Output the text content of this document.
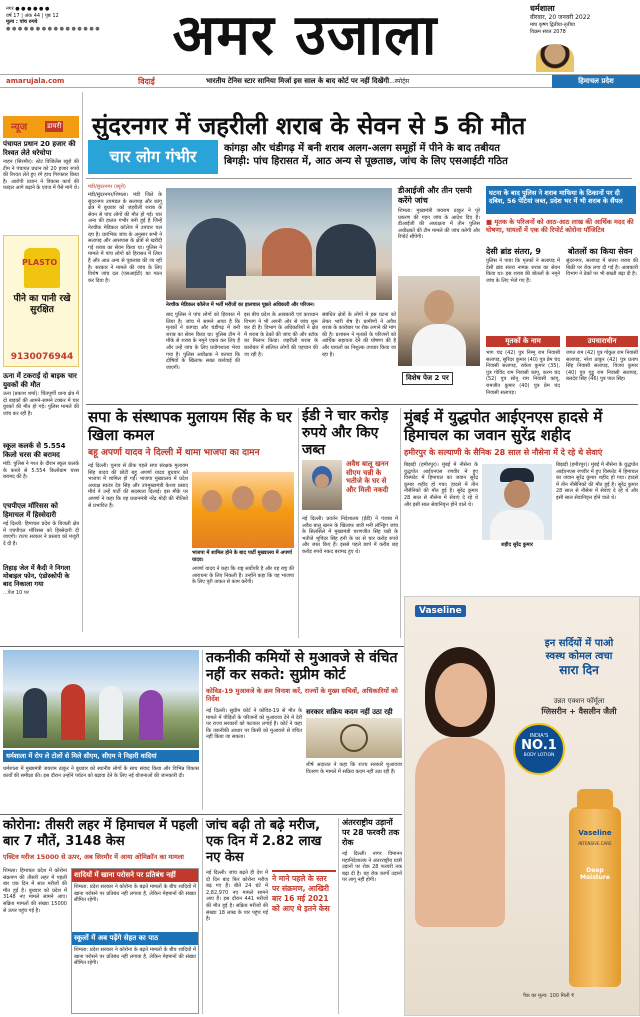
नगर ● ● ● ● ● ●
वर्ष 17 | अंक 44 | पृष्ठ 12
मूल्य : पांच रुपये
● ● ● ● ● ● ● ● ● ● ● ● ● ● ● ●	अमर उजाला	धर्मशाला
वीरवार, 20 जनवरी 2022
माघ कृष्ण द्वितीया-तृतीया
विक्रम संवत 2078
amarujala.com	विदाई	भारतीय टेनिस स्टार सानिया मिर्जा इस साल के बाद कोर्ट पर नहीं दिखेंगी...स्पोर्ट्स	हिमाचल प्रदेश
न्यूज	डायरी
पंचायत प्रधान 20 हजार की रिश्वत लेते धरेचोपा
नाहन (सिरमौर): स्टेट विजिलेंस ब्यूरो की टीम ने पंचायत प्रधान को 20 हजार रुपये की रिश्वत लेते हुए रंगे हाथ गिरफ्तार किया है। आरोपी प्रधान ने विकास कार्य की फाइल आगे बढ़ाने के एवज में पैसे मांगे थे।
PLASTO
पीने का पानी रखे सुरक्षित
9130076944
ऊना में टकराईं दो बाइक चार युवकों की मौत
ऊना (प्रकाश शर्मा): चिंतपूर्णी थाना क्षेत्र में दो बाइकों की आमने-सामने टक्कर में चार युवकों की मौत हो गई। पुलिस मामले की जांच कर रही है।
स्कूल कलर्क से 5.554 किलो चरस की बरामद
मंडी: पुलिस ने गश्त के दौरान स्कूल कलर्क के कब्जे से 5.554 किलोग्राम चरस बरामद की है।
एचपीएल मॉरिसस को हिमाचल में हिस्सेदारी
नई दिल्ली: हिमाचल प्रदेश के बिजली क्षेत्र में एचपीएल मॉरिसस को हिस्सेदारी दी जाएगी। राज्य सरकार ने प्रस्ताव को मंजूरी दे दी है।
तिहाड़ जेल में कैदी ने निगला मोबाइल फोन, एंडोस्कोपी के बाद निकाला गया
...पेज 10 पर
सुंदरनगर में जहरीली शराब के सेवन से 5 की मौत
चार लोग गंभीर	कांगड़ा और चंडीगढ़ में बनी शराब अलग-अलग समूहों में पीने के बाद तबीयत
बिगड़ी: पांच हिरासत में, आठ अन्य से पूछताछ, जांच के लिए एसआईटी गठित
मंडी/सुंदरनगर (ब्यूरो)
मंडी/सुंदरनगर/शिमला। मंडी जिले के सुंदरनगर उपमंडल के सलापड़ और कांगू क्षेत्र में बुधवार को जहरीली शराब के सेवन से पांच लोगों की मौत हो गई। चार अन्य की हालत गंभीर बनी हुई है जिन्हें नेरचौक मेडिकल कॉलेज में उपचार चल रहा है। प्रारंभिक जांच के अनुसार सभी ने सलापड़ और आसपास के क्षेत्रों से खरीदी गई शराब का सेवन किया था। पुलिस ने मामले में पांच लोगों को हिरासत में लिया है और आठ अन्य से पूछताछ की जा रही है। सरकार ने मामले की जांच के लिए विशेष जांच दल (एसआईटी) का गठन कर दिया है।
नेरचौक मेडिकल कॉलेज में भर्ती मरीजों का हालचाल पूछते अधिकारी और परिजन।
बाद पुलिस ने पांच लोगों को हिरासत में लिया है। जांच में सामने आया है कि मृतकों ने कांगड़ा और चंडीगढ़ में बनी शराब का सेवन किया था। पुलिस टीम ने मौके से शराब के नमूने एकत्र कर लिए हैं और उन्हें जांच के लिए प्रयोगशाला भेजा गया है। पुलिस अधीक्षक ने बताया कि दोषियों के खिलाफ सख्त कार्रवाई की जाएगी।
इस बीच प्रदेश के आबकारी एवं कराधान विभाग ने भी अपनी ओर से जांच शुरू कर दी है। विभाग के अधिकारियों ने क्षेत्र में शराब के ठेकों की जांच की और स्टॉक का मिलान किया। जहरीली शराब के कारोबार में संलिप्त लोगों की पहचान की जा रही है।
संबंधित क्षेत्रों के लोगों में इस घटना को लेकर भारी रोष है। ग्रामीणों ने अवैध शराब के कारोबार पर रोक लगाने की मांग की है। प्रशासन ने मृतकों के परिजनों को आर्थिक सहायता देने की घोषणा की है और घायलों का निशुल्क उपचार किया जा रहा है।
डीआईजी और तीन एसपी करेंगे जांच
शिमला: मुख्यमंत्री जयराम ठाकुर ने पूरे प्रकरण की गहन जांच के आदेश दिए हैं। डीआईजी की अध्यक्षता में तीन पुलिस अधीक्षकों की टीम मामले की जांच करेगी और रिपोर्ट सौंपेगी।
विशेष पेज 2 पर
घटना के बाद पुलिस ने शराब माफिया के ठिकानों पर दी दबिश, 56 पेटियां जब्त, प्रदेश भर में भी शराब के सैंपल
■ मृतक के परिजनों को आठ-आठ लाख की आर्थिक मदद की घोषणा, घायलों में एक की रिपोर्ट कोरोना पॉजिटिव
देसी ब्रांड संतरा, 9	बोतलों का किया सेवन
पुलिस ने पाया कि मृतकों ने सलापड़ में देसी ब्रांड संतरा नामक शराब का सेवन किया था। इस शराब की बोतलों के नमूने जांच के लिए भेजे गए हैं।
सुंदरनगर, सलापड़ में संतरा शराब की बिक्री पर रोक लगा दी गई है। आबकारी विभाग ने ठेकों पर भी सख्ती बढ़ा दी है।
मृतकों के नाम	उपचाराधीन
भाग चंद (42) पुत्र निम्मू राम निवासी सलापड़, सुरिंदर कुमार (40) पुत्र प्रेम चंद निवासी सलापड़, राकेश कुमार (35), पुत्र गोविंद राम निवासी कांगू, करम चंद (52) पुत्र सोनू राम निवासी कांगू, रामजीत कुमार (40) पुत्र प्रेम चंद निवासी सलापड़।
जगत राम (42) पुत्र गोकुल राम निवासी सलापड़, नरेश ठाकुर (42) पुत्र प्रताप सिंह निवासी सलापड़, विजय कुमार (40) पुत्र गुड्डू राम निवासी सलापड़, बलदेव सिंह (46) पुत्र पाल सिंह।
सपा के संस्थापक मुलायम सिंह के घर खिला कमल
बहू अपर्णा यादव ने दिल्ली में थामा भाजपा का दामन
नई दिल्ली। चुनाव से ठीक पहले सपा संरक्षक मुलायम सिंह यादव की छोटी बहू अपर्णा यादव बुधवार को भाजपा में शामिल हो गईं। भाजपा मुख्यालय में प्रदेश अध्यक्ष स्वतंत्र देव सिंह और उपमुख्यमंत्री केशव प्रसाद मौर्य ने उन्हें पार्टी की सदस्यता दिलाई। इस मौके पर अपर्णा ने कहा कि वह प्रधानमंत्री नरेंद्र मोदी की नीतियों से प्रभावित हैं।
भाजपा में शामिल होने के बाद पार्टी मुख्यालय में अपर्णा यादव।
अपर्णा यादव ने कहा कि राष्ट्र सर्वोपरि है और वह राष्ट्र की आराधना के लिए निकली हैं। उन्होंने कहा कि वह भाजपा के लिए पूरी ताकत से काम करेंगी।
ईडी ने चार करोड़ रुपये और किए जब्त
अवैध बालू खनन सीएम चन्नी के भतीजे के घर से और मिली नकदी
नई दिल्ली। प्रवर्तन निदेशालय (ईडी) ने पंजाब में अवैध बालू खनन के खिलाफ जारी मनी लॉन्ड्रिंग जांच के सिलसिले में मुख्यमंत्री चरणजीत सिंह चन्नी के भतीजे भूपिंदर सिंह हनी के घर से चार करोड़ रुपये और जब्त किए हैं। इससे पहले छापे में करीब छह करोड़ रुपये नकद बरामद हुए थे।
मुंबई में युद्धपोत आईएनएस हादसे में हिमाचल का जवान सुरेंद्र शहीद
हमीरपुर के सल्याणी के सैनिक 28 साल से नौसेना में दे रहे थे सेवाएं
बिझड़ी (हमीरपुर)। मुंबई में नौसेना के युद्धपोत आईएनएस रणवीर में हुए विस्फोट में हिमाचल का जवान सुरेंद्र कुमार शहीद हो गया। हादसे में तीन नौसैनिकों की मौत हुई है। सुरेंद्र कुमार 28 साल से नौसेना में सेवाएं दे रहे थे और इसी साल सेवानिवृत्त होने वाले थे।
शहीद सुरेंद्र कुमार
बिझड़ी (हमीरपुर)। मुंबई में नौसेना के युद्धपोत आईएनएस रणवीर में हुए विस्फोट में हिमाचल का जवान सुरेंद्र कुमार शहीद हो गया। हादसे में तीन नौसैनिकों की मौत हुई है। सुरेंद्र कुमार 28 साल से नौसेना में सेवाएं दे रहे थे और इसी साल सेवानिवृत्त होने वाले थे।
धर्मशाला में रोप ले टोलों से मिले सीएम, सीएम ने निहारी वादियां
धर्मशाला में मुख्यमंत्री जयराम ठाकुर ने बुधवार को स्थानीय लोगों के साथ संवाद किया और विभिन्न विकास कार्यों की समीक्षा की। इस दौरान उन्होंने पर्यटन को बढ़ावा देने के लिए नई योजनाओं की जानकारी दी।
तकनीकी कमियों से मुआवजे से वंचित नहीं कर सकते: सुप्रीम कोर्ट
कोविड-19 मुआवजे के क्रम विनाश करें, राज्यों के मुख्य सचिवों, अधिकारियों को निर्देश
नई दिल्ली। सुप्रीम कोर्ट ने कोविड-19 से मौत के मामले में पीड़ितों के परिजनों को मुआवजा देने में देरी पर राज्य सरकारों को फटकार लगाई है। कोर्ट ने कहा कि तकनीकी आधार पर किसी को मुआवजे से वंचित नहीं किया जा सकता।
सरकार सक्रिय कदम नहीं उठा रही
शीर्ष अदालत ने कहा कि राज्य सरकारें मुआवजा वितरण के मामले में सक्रिय कदम नहीं उठा रही हैं।
Vaseline
इन सर्दियों में पाओ
स्वस्थ कोमल त्वचा
सारा दिन
उन्नत एक्शन फॉर्मूला
ग्लिसरीन + वैसलीन जैली
INDIA'S
NO.1
BODY LOTION
Vaseline
INTENSIVE CARE
Deep Moisture
पैक का मूल्य: 100 मिली ₹
कोरोना: तीसरी लहर में हिमाचल में पहली बार 7 मौतें, 3148 केस
एक्टिव मरीज 15000 से ऊपर, अब सिरमौर में आया ओमिक्रॉन का मामला
शिमला। हिमाचल प्रदेश में कोरोना संक्रमण की तीसरी लहर में पहली बार एक दिन में सात मरीजों की मौत हुई है। बुधवार को प्रदेश में 3148 नए मामले सामने आए। सक्रिय मामलों की संख्या 15000 से ऊपर पहुंच गई है।
शादियों में खाना परोसने पर प्रतिबंध नहीं
शिमला: प्रदेश सरकार ने कोरोना के बढ़ते मामलों के बीच शादियों में खाना परोसने पर प्रतिबंध नहीं लगाया है, लेकिन मेहमानों की संख्या सीमित रहेगी।
स्कूलों में अब पढ़ेंगे सेहत का पाठ
शिमला: प्रदेश सरकार ने कोरोना के बढ़ते मामलों के बीच शादियों में खाना परोसने पर प्रतिबंध नहीं लगाया है, लेकिन मेहमानों की संख्या सीमित रहेगी।
जांच बढ़ी तो बढ़े मरीज, एक दिन में 2.82 लाख नए केस
नई दिल्ली। जांच बढ़ते ही देश में दो दिन बाद फिर कोरोना मरीज बढ़ गए हैं। बीते 24 घंटे में 2,82,970 नए मामले सामने आए हैं। इस दौरान 441 मरीजों की मौत हुई है। सक्रिय मरीजों की संख्या 18 लाख के पार पहुंच गई है।
ने माने पहले के स्तर पर संक्रमण, आखिरी बार 16 मई 2021 को आए थे इतने केस
अंतरराष्ट्रीय उड़ानों पर 28 फरवरी तक रोक
नई दिल्ली। नागर विमानन महानिदेशालय ने अंतरराष्ट्रीय यात्री उड़ानों पर रोक 28 फरवरी तक बढ़ा दी है। यह रोक कार्गो उड़ानों पर लागू नहीं होगी।
